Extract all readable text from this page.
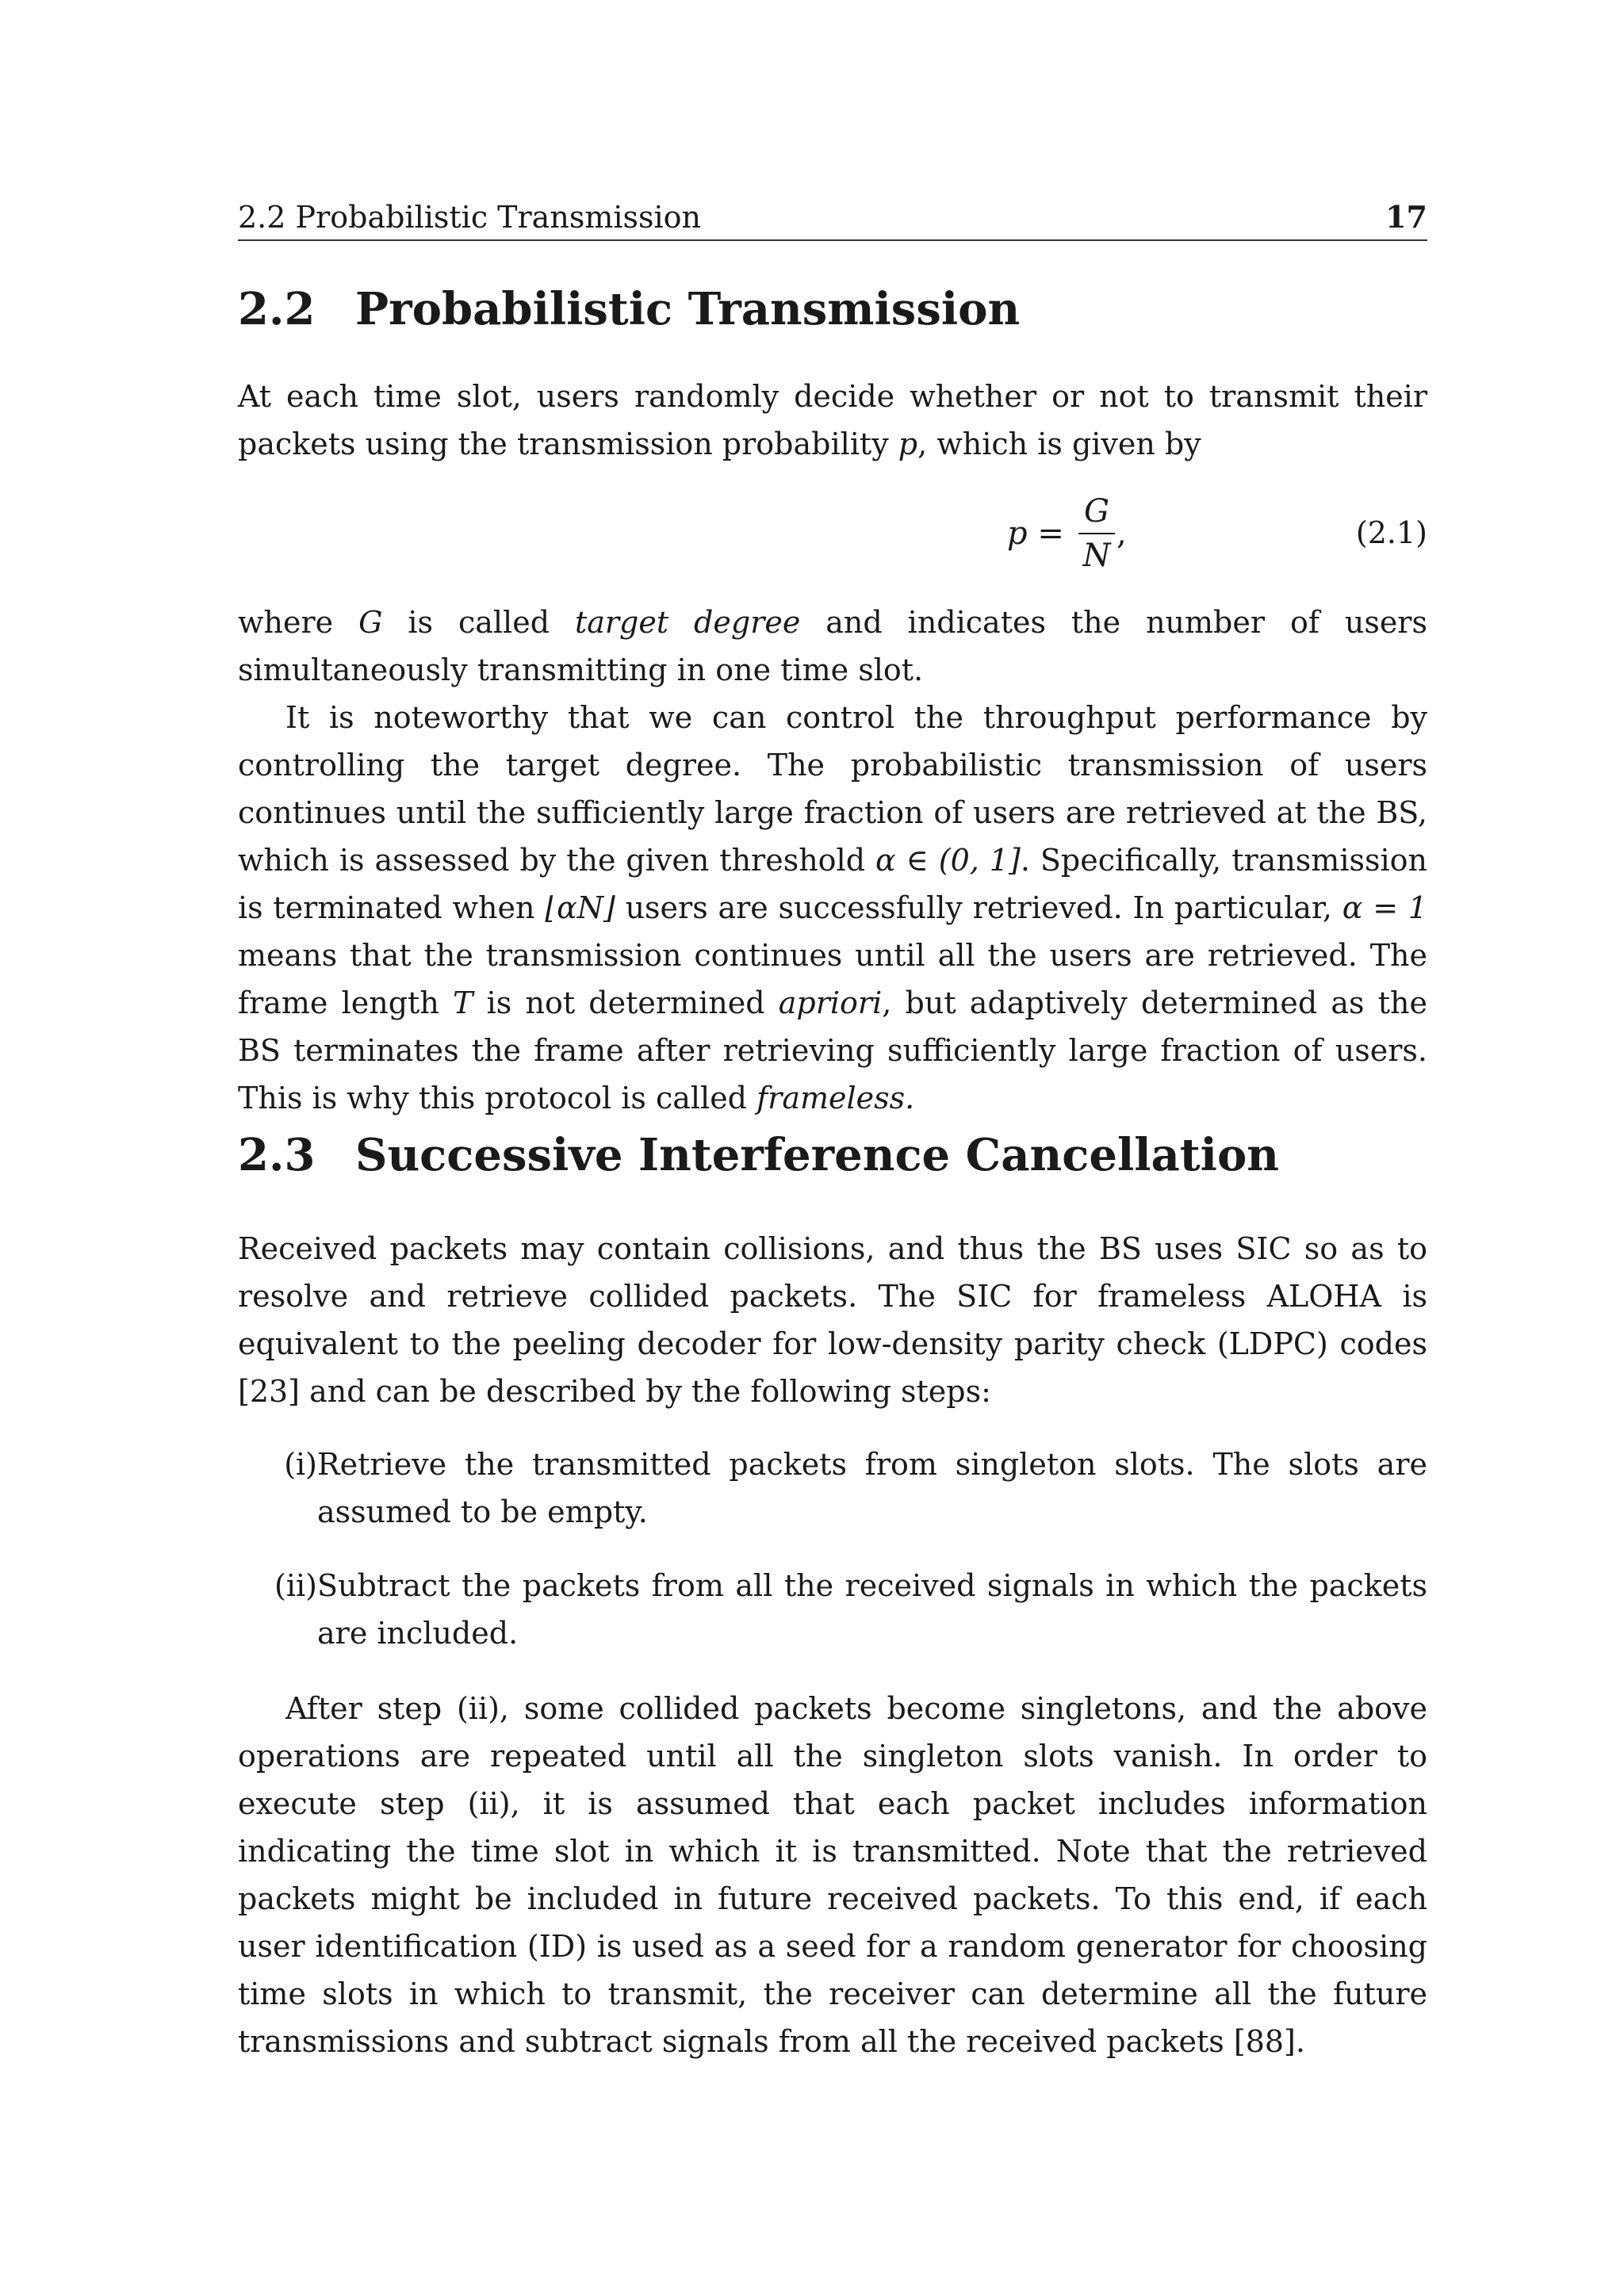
2.2 Probabilistic Transmission	17
2.2 Probabilistic Transmission

At each time slot, users randomly decide whether or not to transmit their packets using the transmission probability p, which is given by

p =
G
N
,	(2.1)

where G is called target degree and indicates the number of users simultaneously transmitting in one time slot.

It is noteworthy that we can control the throughput performance by controlling the target degree. The probabilistic transmission of users continues until the sufficiently large fraction of users are retrieved at the BS, which is assessed by the given threshold α ∈ (0, 1]. Specifically, transmission is terminated when ⌊αN⌋ users are successfully retrieved. In particular, α = 1 means that the transmission continues until all the users are retrieved. The frame length T is not determined apriori, but adaptively determined as the BS terminates the frame after retrieving sufficiently large fraction of users. This is why this protocol is called frameless.

2.3 Successive Interference Cancellation

Received packets may contain collisions, and thus the BS uses SIC so as to resolve and retrieve collided packets. The SIC for frameless ALOHA is equivalent to the peeling decoder for low-density parity check (LDPC) codes [23] and can be described by the following steps:

(i) Retrieve the transmitted packets from singleton slots. The slots are assumed to be empty.
(ii) Subtract the packets from all the received signals in which the packets are included.

After step (ii), some collided packets become singletons, and the above operations are repeated until all the singleton slots vanish. In order to execute step (ii), it is assumed that each packet includes information indicating the time slot in which it is transmitted. Note that the retrieved packets might be included in future received packets. To this end, if each user identification (ID) is used as a seed for a random generator for choosing time slots in which to transmit, the receiver can determine all the future transmissions and subtract signals from all the received packets [88].
